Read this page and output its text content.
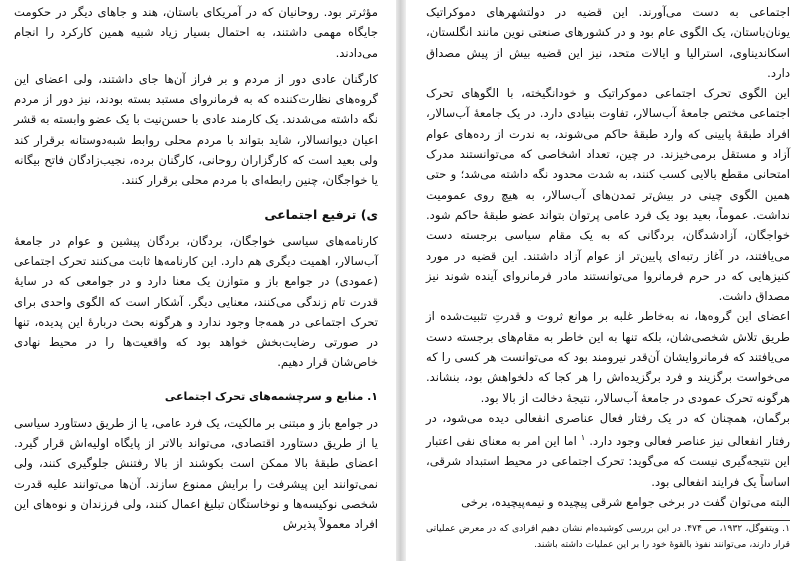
مؤثرتر بود. روحانیان که در آمریکای باستان، هند و جاهای دیگر در حکومت جایگاه مهمی داشتند، به احتمال بسیار زیاد شبیه همین کارکرد را انجام می‌دادند.

کارگنان عادی دور از مردم و بر فراز آن‌ها جای داشتند، ولی اعضای این گروه‌های نظارت‌کننده که به فرمانروای مستبد بسته بودند، نیز دور از مردم نگه داشته می‌شدند. یک کارمند عادی با حسن‌نیت با یک عضو وابسته به قشر اعیان دیوانسالار، شاید بتواند با مردم محلی روابط شبه‌دوستانه برقرار کند ولی بعید است که کارگزاران روحانی، کارگنان برده، نجیب‌زادگان فاتح بیگانه یا خواجگان، چنین رابطه‌ای با مردم محلی برقرار کنند.

ی) ترفیع اجتماعی

کارنامه‌های سیاسی خواجگان، بردگان، بردگان پیشین و عوام در جامعهٔ آب‌سالار، اهمیت دیگری هم دارد. این کارنامه‌ها ثابت می‌کنند تحرک اجتماعی (عمودی) در جوامع باز و متوازن یک معنا دارد و در جوامعی که در سایهٔ قدرت تام زندگی می‌کنند، معنایی دیگر. آشکار است که الگوی واحدی برای تحرک اجتماعی در همه‌جا وجود ندارد و هرگونه بحث دربارهٔ این پدیده، تنها در صورتی رضایت‌بخش خواهد بود که واقعیت‌ها را در محیط نهادی خاص‌شان قرار دهیم.

۱. منابع و سرچشمه‌های تحرک اجتماعی

در جوامع باز و مبتنی بر مالکیت، یک فرد عامی، یا از طریق دستاورد سیاسی یا از طریق دستاورد اقتصادی، می‌تواند بالاتر از پایگاه اولیه‌اش قرار گیرد. اعضای طبقهٔ بالا ممکن است بکوشند از بالا رفتنش جلوگیری کنند، ولی نمی‌توانند این پیشرفت را برایش ممنوع سازند. آن‌ها می‌توانند علیه قدرت شخصی نوکیسه‌ها و نوخاستگان تبلیغ اعمال کنند، ولی فرزندان و نوه‌های این افراد معمولاً پذیرش

اجتماعی به دست می‌آورند. این قضیه در دولتشهرهای دموکراتیک یونان‌باستان، یک الگوی عام بود و در کشورهای صنعتی نوین مانند انگلستان، اسکاندیناوی، استرالیا و ایالات متحد، نیز این قضیه بیش از پیش مصداق دارد.

این الگوی تحرک اجتماعی دموکراتیک و خودانگیخته، با الگوهای تحرک اجتماعی مختص جامعهٔ آب‌سالار، تفاوت بنیادی دارد. در یک جامعهٔ آب‌سالار، افراد طبقهٔ پایینی که وارد طبقهٔ حاکم می‌شوند، به ندرت از رده‌های عوام آزاد و مستقل برمی‌خیزند. در چین، تعداد اشخاصی که می‌توانستند مدرک امتحانی مقطع بالایی کسب کنند، به شدت محدود نگه داشته می‌شد؛ و حتی همین الگوی چینی در بیش‌تر تمدن‌های آب‌سالار، به هیچ روی عمومیت نداشت. عموماً، بعید بود یک فرد عامی پرتوان بتواند عضو طبقهٔ حاکم شود. خواجگان، آزادشدگان، بردگانی که به یک مقام سیاسی برجسته دست می‌یافتند، در آغاز رتبه‌ای پایین‌تر از عوام آزاد داشتند. این قضیه در مورد کنیزهایی که در حرم فرمانروا می‌توانستند مادر فرمانروای آینده شوند نیز مصداق داشت.

اعضای این گروه‌ها، نه به‌خاطر غلبه بر موانع ثروت و قدرتِ تثبیت‌شده از طریق تلاش شخصی‌شان، بلکه تنها به این خاطر به مقام‌های برجسته دست می‌یافتند که فرمانروایشان آن‌قدر نیرومند بود که می‌توانست هر کسی را که می‌خواست برگزیند و فرد برگزیده‌اش را هر کجا که دلخواهش بود، بنشاند. هرگونه تحرک عمودی در جامعهٔ آب‌سالار، نتیجهٔ دخالت از بالا بود.

برگمان، همچنان که در یک رفتار فعال عناصری انفعالی دیده می‌شود، در رفتار انفعالی نیز عناصر فعالی وجود دارد. $^۱$ اما این امر به معنای نفی اعتبار این نتیجه‌گیری نیست که می‌گوید: تحرک اجتماعی در محیط استبداد شرقی، اساساً یک فرایند انفعالی بود.

البته می‌توان گفت در برخی جوامع شرقی پیچیده و نیمه‌پیچیده، برخی

۱. ویتفوگل، ۱۹۳۲، ص ۴۷۴. در این بررسی کوشیده‌ام نشان دهیم افرادی که در معرض عملیاتی قرار دارند، می‌توانند نفوذ بالقوهٔ خود را بر این عملیات داشته باشند.
